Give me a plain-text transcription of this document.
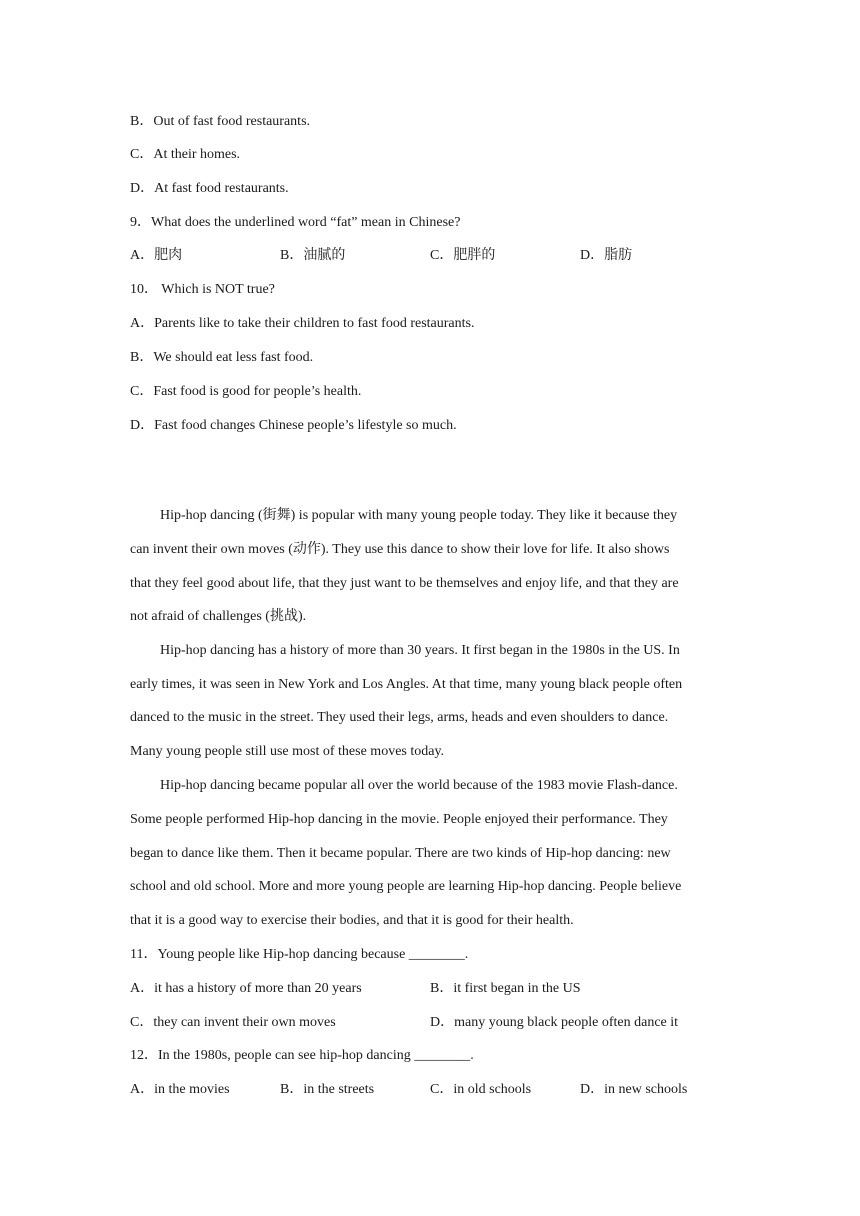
B．Out of fast food restaurants.
C．At their homes.
D．At fast food restaurants.
9．What does the underlined word “fat” mean in Chinese?
A．肥肉	B．油腻的	C．肥胖的	D．脂肪
10． Which is NOT true?
A．Parents like to take their children to fast food restaurants.
B．We should eat less fast food.
C．Fast food is good for people’s health.
D．Fast food changes Chinese people’s lifestyle so much.
Hip-hop dancing (街舞) is popular with many young people today. They like it because they
can invent their own moves (动作). They use this dance to show their love for life. It also shows
that they feel good about life, that they just want to be themselves and enjoy life, and that they are
not afraid of challenges (挑战).
Hip-hop dancing has a history of more than 30 years. It first began in the 1980s in the US. In
early times, it was seen in New York and Los Angles. At that time, many young black people often
danced to the music in the street. They used their legs, arms, heads and even shoulders to dance.
Many young people still use most of these moves today.
Hip-hop dancing became popular all over the world because of the 1983 movie Flash-dance.
Some people performed Hip-hop dancing in the movie. People enjoyed their performance. They
began to dance like them. Then it became popular. There are two kinds of Hip-hop dancing: new
school and old school. More and more young people are learning Hip-hop dancing. People believe
that it is a good way to exercise their bodies, and that it is good for their health.
11．Young people like Hip-hop dancing because ________.
A．it has a history of more than 20 years	B．it first began in the US
C．they can invent their own moves	D．many young black people often dance it
12．In the 1980s, people can see hip-hop dancing ________.
A．in the movies	B．in the streets	C．in old schools	D．in new schools
